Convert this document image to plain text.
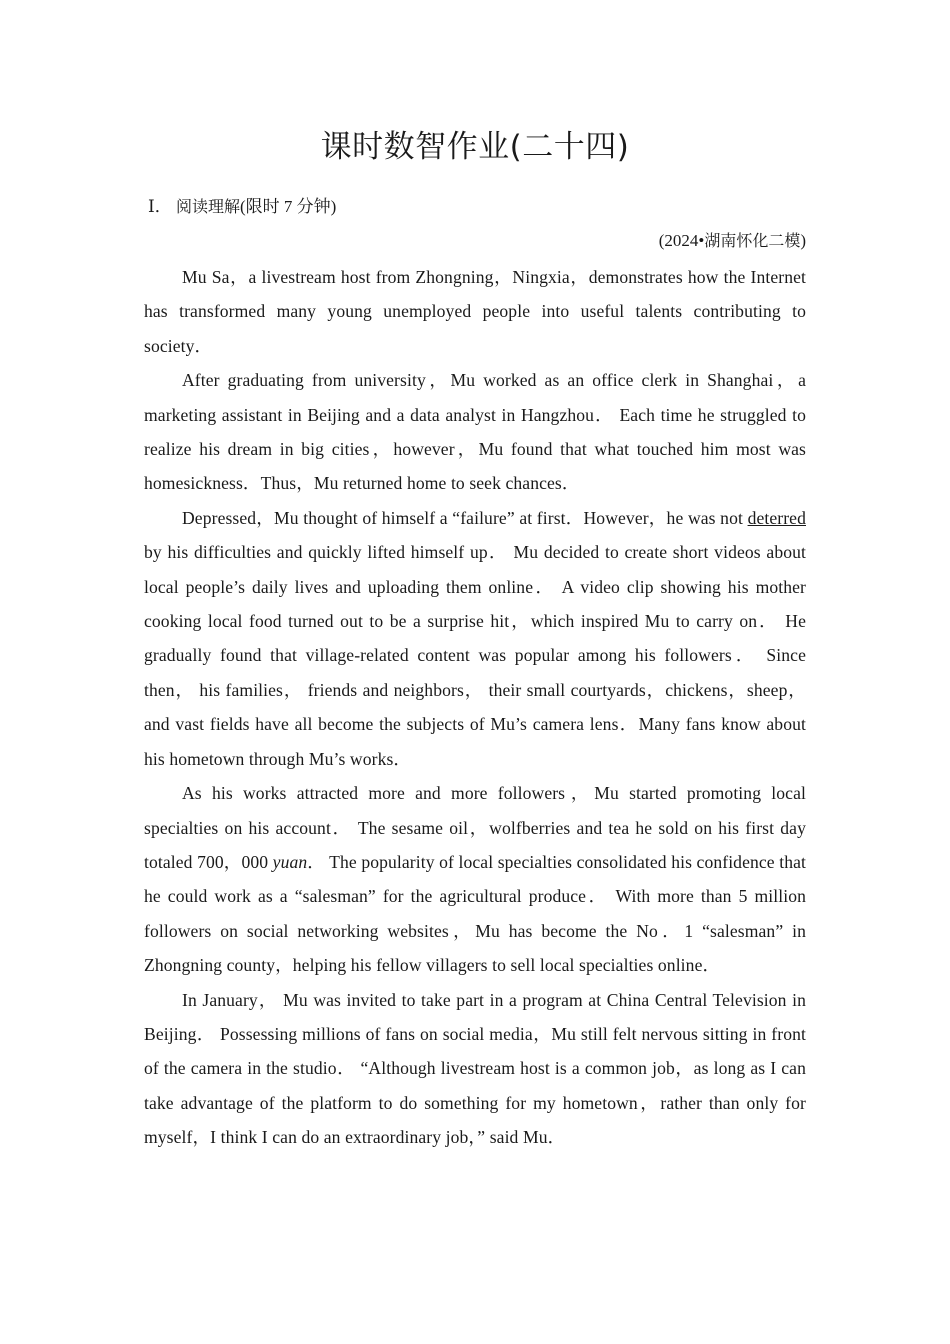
课时数智作业(二十四)
Ⅰ． 阅读理解(限时 7 分钟)
(2024•湖南怀化二模)

Mu Sa，a livestream host from Zhongning，Ningxia，demonstrates how the Internet has transformed many young unemployed people into useful talents contributing to society．

After graduating from university，Mu worked as an office clerk in Shanghai，a marketing assistant in Beijing and a data analyst in Hangzhou． Each time he struggled to realize his dream in big cities，however，Mu found that what touched him most was homesickness．Thus，Mu returned home to seek chances．

Depressed，Mu thought of himself a “failure” at first．However，he was not deterred by his difficulties and quickly lifted himself up． Mu decided to create short videos about local people’s daily lives and uploading them online． A video clip showing his mother cooking local food turned out to be a surprise hit，which inspired Mu to carry on． He gradually found that village-related content was popular among his followers． Since then， his families， friends and neighbors， their small courtyards，chickens，sheep，and vast fields have all become the subjects of Mu’s camera lens．Many fans know about his hometown through Mu’s works．

As his works attracted more and more followers，Mu started promoting local specialties on his account． The sesame oil，wolfberries and tea he sold on his first day totaled 700，000 yuan． The popularity of local specialties consolidated his confidence that he could work as a “salesman” for the agricultural produce． With more than 5 million followers on social networking websites，Mu has become the No．1 “salesman” in Zhongning county，helping his fellow villagers to sell local specialties online．

In January， Mu was invited to take part in a program at China Central Television in Beijing． Possessing millions of fans on social media，Mu still felt nervous sitting in front of the camera in the studio． “Although livestream host is a common job，as long as I can take advantage of the platform to do something for my hometown，rather than only for myself，I think I can do an extraordinary job，” said Mu．
